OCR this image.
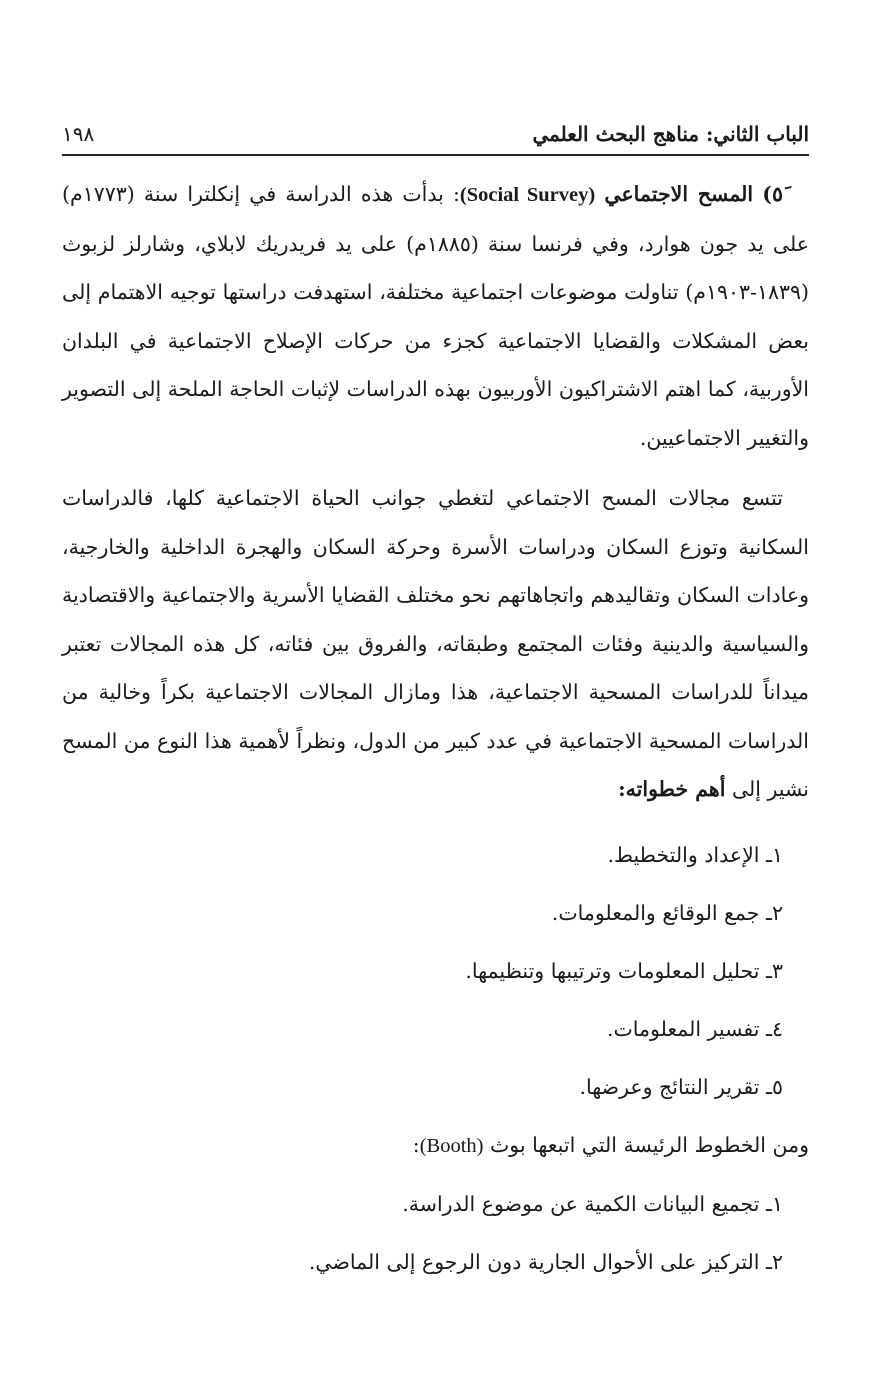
الباب الثاني: مناهج البحث العلمي
١٩٨

٥َ) المسح الاجتماعي (Social Survey): بدأت هذه الدراسة في إنكلترا سنة (١٧٧٣م) على يد جون هوارد، وفي فرنسا سنة (١٨٨٥م) على يد فريدريك لابلاي، وشارلز لزبوث (١٨٣٩-١٩٠٣م) تناولت موضوعات اجتماعية مختلفة، استهدفت دراستها توجيه الاهتمام إلى بعض المشكلات والقضايا الاجتماعية كجزء من حركات الإصلاح الاجتماعية في البلدان الأوربية، كما اهتم الاشتراكيون الأوربيون بهذه الدراسات لإثبات الحاجة الملحة إلى التصوير والتغيير الاجتماعيين.

تتسع مجالات المسح الاجتماعي لتغطي جوانب الحياة الاجتماعية كلها، فالدراسات السكانية وتوزع السكان ودراسات الأسرة وحركة السكان والهجرة الداخلية والخارجية، وعادات السكان وتقاليدهم واتجاهاتهم نحو مختلف القضايا الأسرية والاجتماعية والاقتصادية والسياسية والدينية وفئات المجتمع وطبقاته، والفروق بين فئاته، كل هذه المجالات تعتبر ميداناً للدراسات المسحية الاجتماعية، هذا ومازال المجالات الاجتماعية بكراً وخالية من الدراسات المسحية الاجتماعية في عدد كبير من الدول، ونظراً لأهمية هذا النوع من المسح نشير إلى أهم خطواته:

١ـ الإعداد والتخطيط.
٢ـ جمع الوقائع والمعلومات.
٣ـ تحليل المعلومات وترتيبها وتنظيمها.
٤ـ تفسير المعلومات.
٥ـ تقرير النتائج وعرضها.

ومن الخطوط الرئيسة التي اتبعها بوث (Booth):

١ـ تجميع البيانات الكمية عن موضوع الدراسة.
٢ـ التركيز على الأحوال الجارية دون الرجوع إلى الماضي.
